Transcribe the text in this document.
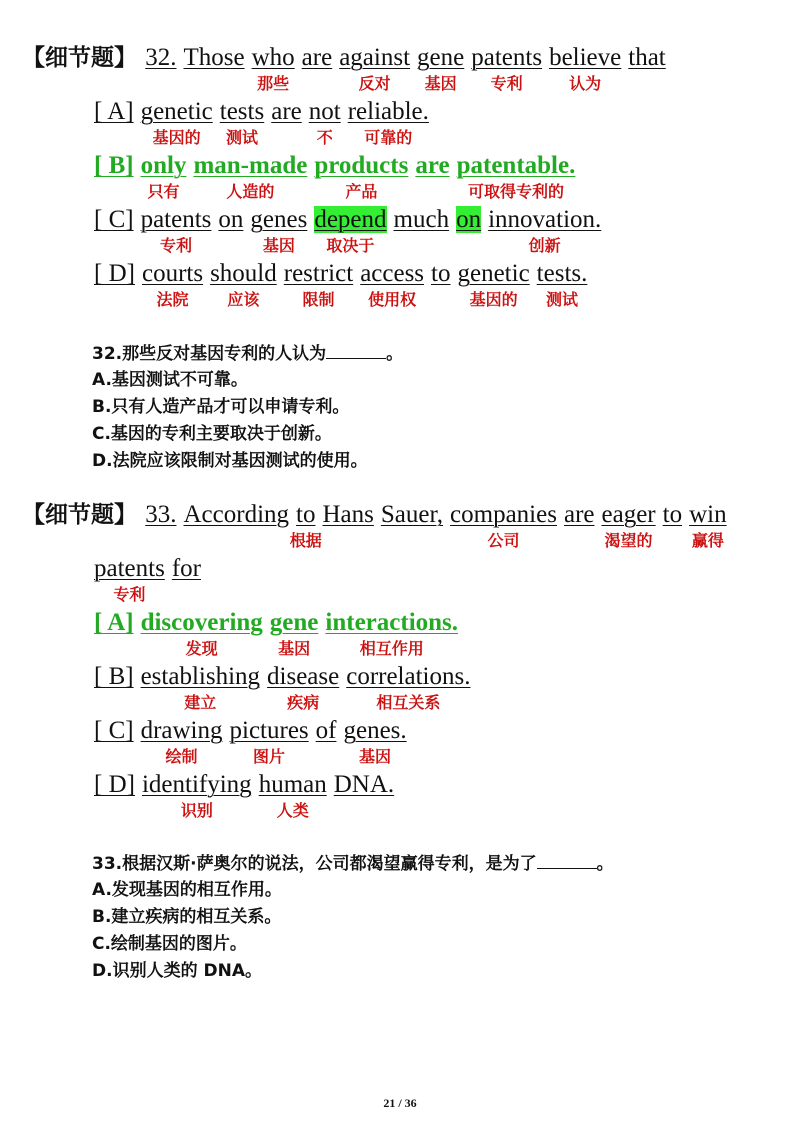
【细节题】 32. Those who
那些
are against
反对
gene
基因
patents
专利
believe
认为
that
[ A] genetic
基因的
tests
测试
are not
不
reliable.
可靠的
[ B] only
只有
man-made
人造的
products
产品
are patentable.
可取得专利的
[ C] patents
专利
on genes
基因
depend
取决于
much on innovation.
创新
[ D] courts
法院
should
应该
restrict
限制
access
使用权
to genetic
基因的
tests.
测试
32.那些反对基因专利的人认为	。
A.基因测试不可靠。
B.只有人造产品才可以申请专利。
C.基因的专利主要取决于创新。
D.法院应该限制对基因测试的使用。
【细节题】 33. According to
根据
Hans Sauer, companies
公司
are eager
渴望的
to win
赢得
patents
专利
for
[ A] discovering
发现
gene
基因
interactions.
相互作用
[ B] establishing
建立
disease
疾病
correlations.
相互关系
[ C] drawing
绘制
pictures
图片
of genes.
基因
[ D] identifying
识别
human
人类
DNA.
33.根据汉斯·萨奥尔的说法，公司都渴望赢得专利，是为了	。
A.发现基因的相互作用。
B.建立疾病的相互关系。
C.绘制基因的图片。
D.识别人类的 DNA。
21 / 36
